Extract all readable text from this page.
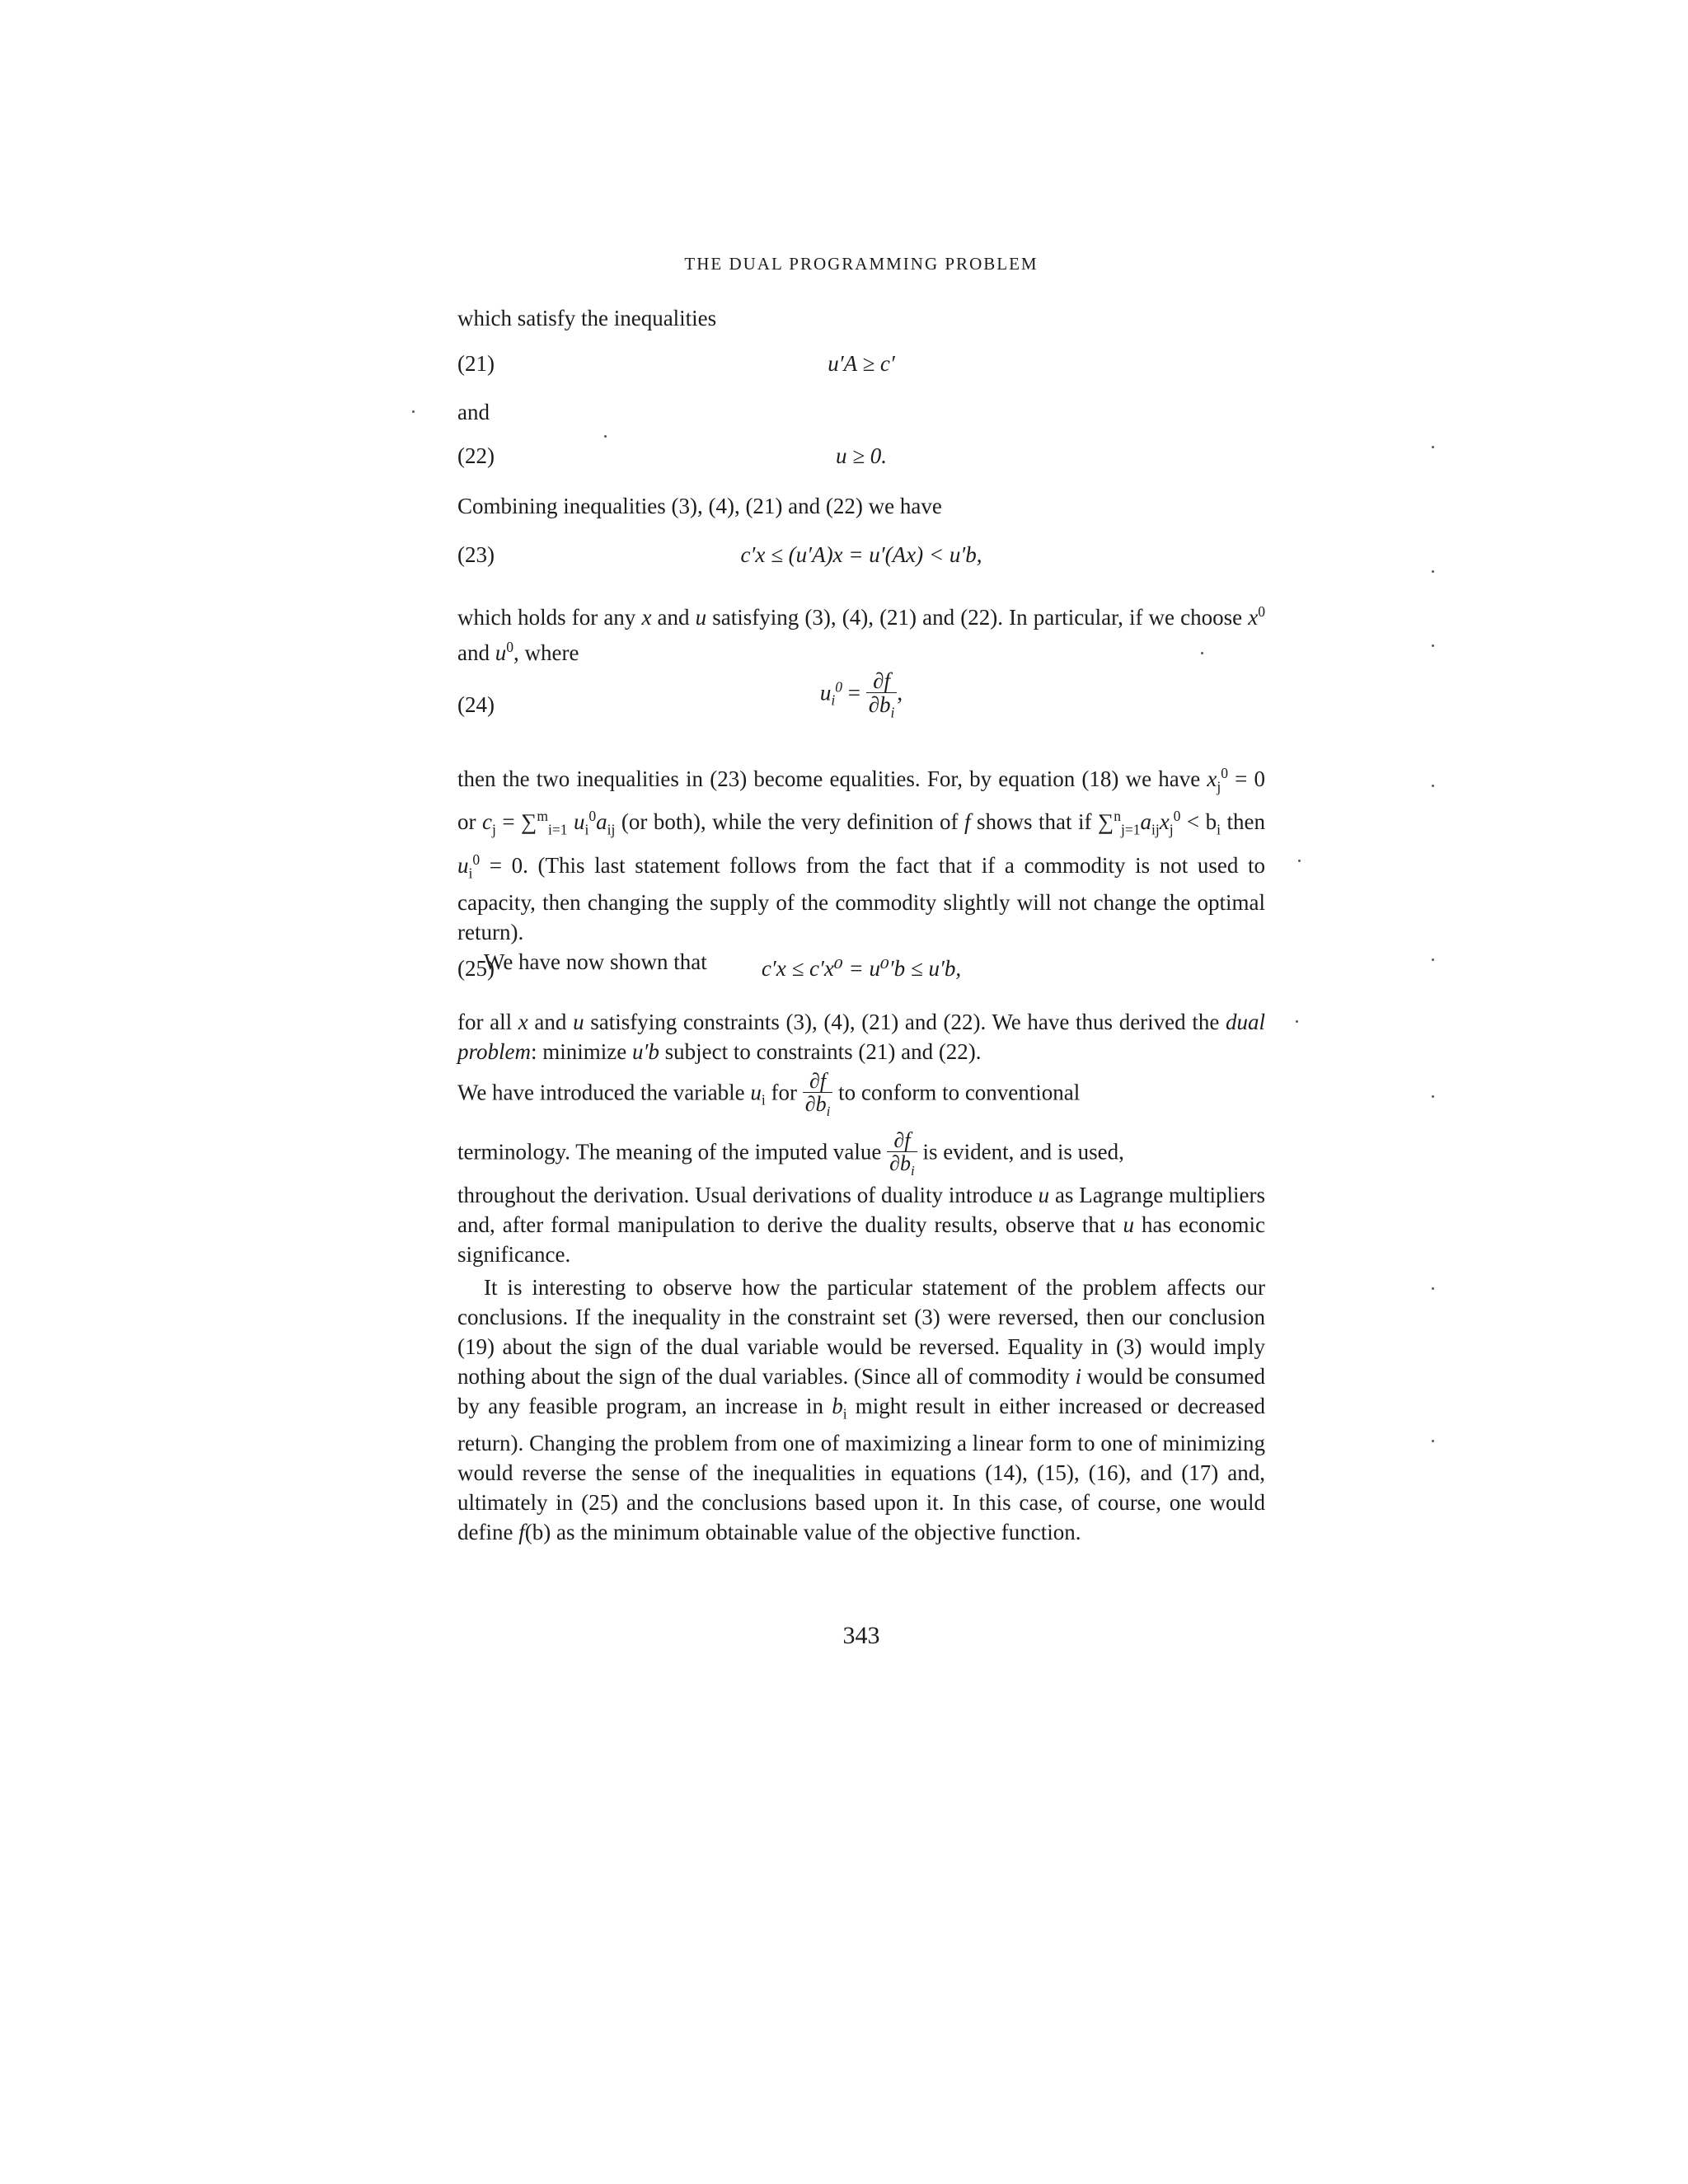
THE DUAL PROGRAMMING PROBLEM
which satisfy the inequalities
(21)	u′A ≥ c′
and
(22)	u ≥ 0.
Combining inequalities (3), (4), (21) and (22) we have
(23)	c′x ≤ (u′A)x = u′(Ax) < u′b,

which holds for any x and u satisfying (3), (4), (21) and (22). In particular, if we choose $x^0$ and $u^0$, where

(24)	$u_i^0 = \frac{\partial f}{\partial b_i}$ ,

then the two inequalities in (23) become equalities. For, by equation (18) we have $x_j^0 = 0$ or $c_j = \sum^m_{i=1}$ $u_i^0a_{ij}$ (or both), while the very definition of f shows that if $\sum^n_{j=1}a_{ij}x_j^0 < b_i$ then $u_i^0 = 0$. (This last statement follows from the fact that if a commodity is not used to capacity, then changing the supply of the commodity slightly will not change the optimal return).

We have now shown that

(25)	c′x ≤ c′x⁰ = u⁰′b ≤ u′b,

for all x and u satisfying constraints (3), (4), (21) and (22). We have thus derived the dual problem: minimize u′b subject to constraints (21) and (22).

We have introduced the variable $u_i$ for $\frac{\partial f}{\partial b_i}$ to conform to conventional

terminology. The meaning of the imputed value $\frac{\partial f}{\partial b_i}$ is evident, and is used,

throughout the derivation. Usual derivations of duality introduce u as Lagrange multipliers and, after formal manipulation to derive the duality results, observe that u has economic significance.

It is interesting to observe how the particular statement of the problem affects our conclusions. If the inequality in the constraint set (3) were reversed, then our conclusion (19) about the sign of the dual variable would be reversed. Equality in (3) would imply nothing about the sign of the dual variables. (Since all of commodity i would be consumed by any feasible program, an increase in $b_i$ might result in either increased or decreased return). Changing the problem from one of maximizing a linear form to one of minimizing would reverse the sense of the inequalities in equations (14), (15), (16), and (17) and, ultimately in (25) and the conclusions based upon it. In this case, of course, one would define f(b) as the minimum obtainable value of the objective function.

343
